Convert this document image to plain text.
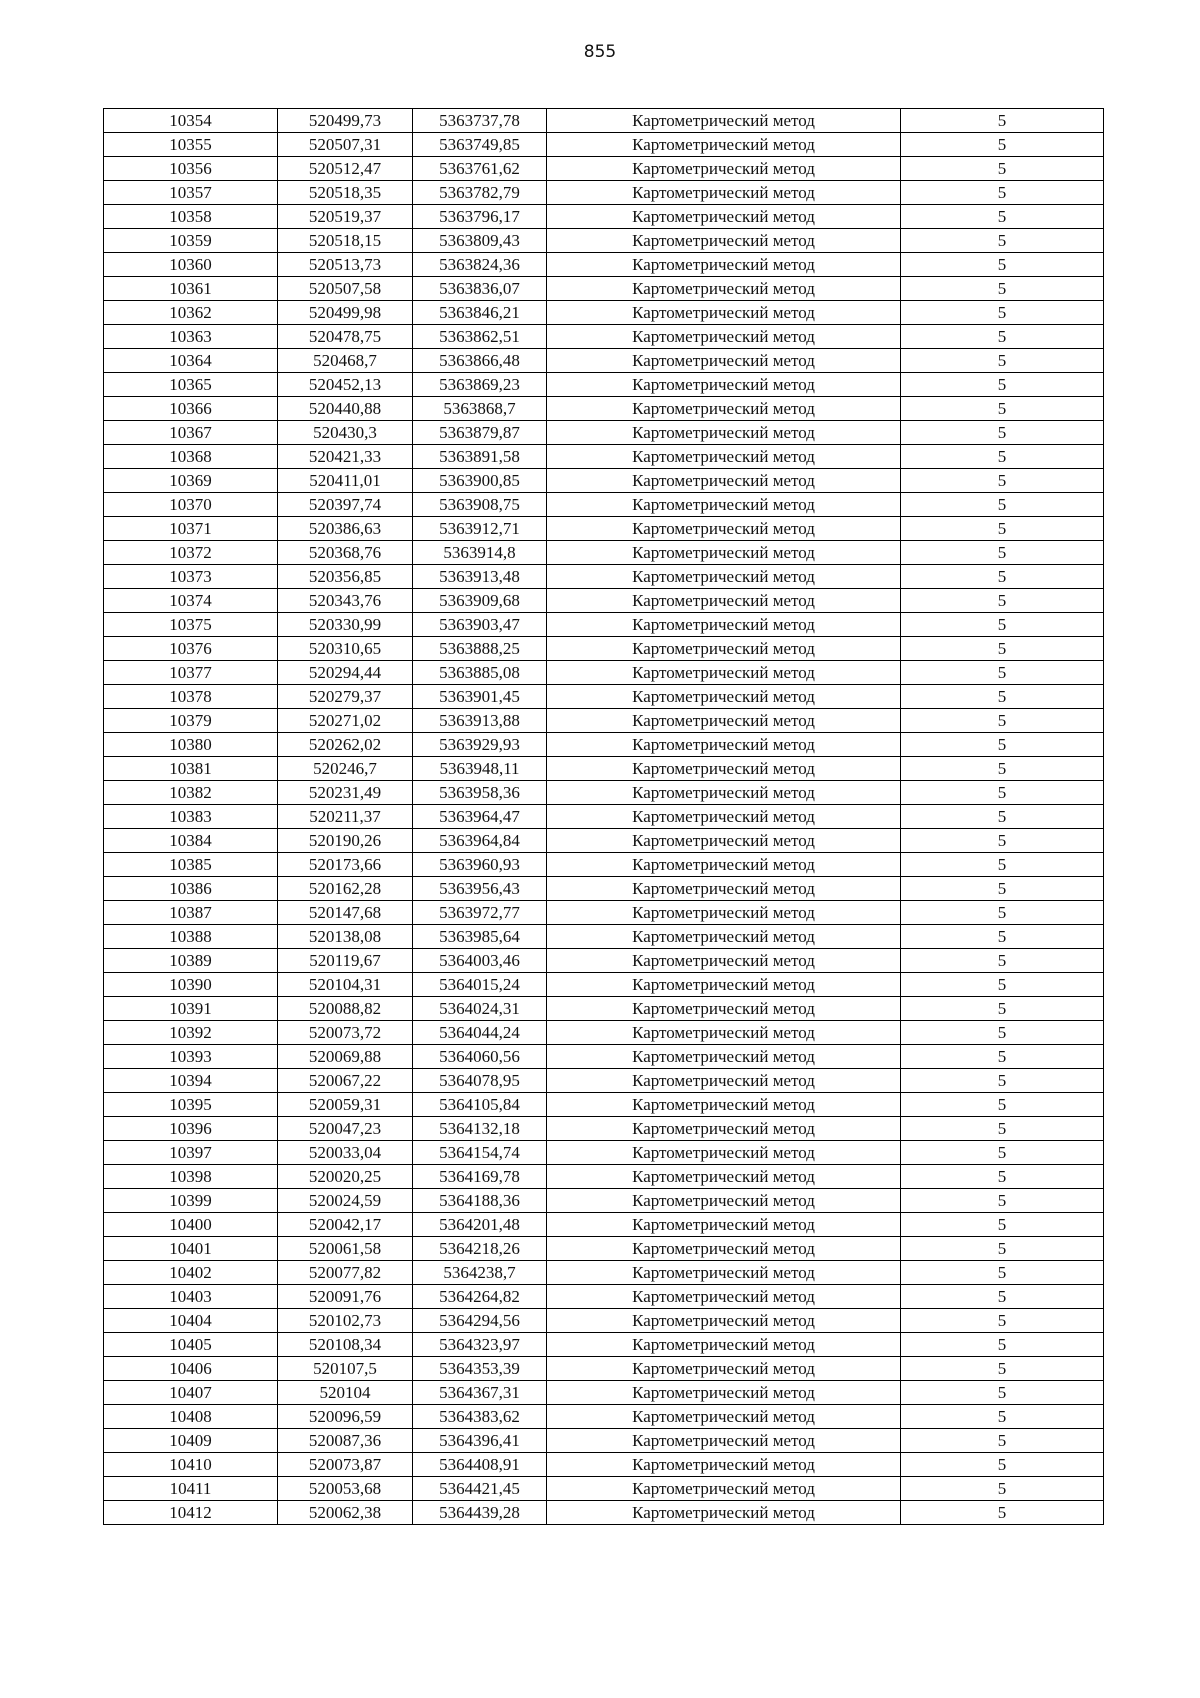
855
10354	520499,73	5363737,78	Картометрический метод	5
10355	520507,31	5363749,85	Картометрический метод	5
10356	520512,47	5363761,62	Картометрический метод	5
10357	520518,35	5363782,79	Картометрический метод	5
10358	520519,37	5363796,17	Картометрический метод	5
10359	520518,15	5363809,43	Картометрический метод	5
10360	520513,73	5363824,36	Картометрический метод	5
10361	520507,58	5363836,07	Картометрический метод	5
10362	520499,98	5363846,21	Картометрический метод	5
10363	520478,75	5363862,51	Картометрический метод	5
10364	520468,7	5363866,48	Картометрический метод	5
10365	520452,13	5363869,23	Картометрический метод	5
10366	520440,88	5363868,7	Картометрический метод	5
10367	520430,3	5363879,87	Картометрический метод	5
10368	520421,33	5363891,58	Картометрический метод	5
10369	520411,01	5363900,85	Картометрический метод	5
10370	520397,74	5363908,75	Картометрический метод	5
10371	520386,63	5363912,71	Картометрический метод	5
10372	520368,76	5363914,8	Картометрический метод	5
10373	520356,85	5363913,48	Картометрический метод	5
10374	520343,76	5363909,68	Картометрический метод	5
10375	520330,99	5363903,47	Картометрический метод	5
10376	520310,65	5363888,25	Картометрический метод	5
10377	520294,44	5363885,08	Картометрический метод	5
10378	520279,37	5363901,45	Картометрический метод	5
10379	520271,02	5363913,88	Картометрический метод	5
10380	520262,02	5363929,93	Картометрический метод	5
10381	520246,7	5363948,11	Картометрический метод	5
10382	520231,49	5363958,36	Картометрический метод	5
10383	520211,37	5363964,47	Картометрический метод	5
10384	520190,26	5363964,84	Картометрический метод	5
10385	520173,66	5363960,93	Картометрический метод	5
10386	520162,28	5363956,43	Картометрический метод	5
10387	520147,68	5363972,77	Картометрический метод	5
10388	520138,08	5363985,64	Картометрический метод	5
10389	520119,67	5364003,46	Картометрический метод	5
10390	520104,31	5364015,24	Картометрический метод	5
10391	520088,82	5364024,31	Картометрический метод	5
10392	520073,72	5364044,24	Картометрический метод	5
10393	520069,88	5364060,56	Картометрический метод	5
10394	520067,22	5364078,95	Картометрический метод	5
10395	520059,31	5364105,84	Картометрический метод	5
10396	520047,23	5364132,18	Картометрический метод	5
10397	520033,04	5364154,74	Картометрический метод	5
10398	520020,25	5364169,78	Картометрический метод	5
10399	520024,59	5364188,36	Картометрический метод	5
10400	520042,17	5364201,48	Картометрический метод	5
10401	520061,58	5364218,26	Картометрический метод	5
10402	520077,82	5364238,7	Картометрический метод	5
10403	520091,76	5364264,82	Картометрический метод	5
10404	520102,73	5364294,56	Картометрический метод	5
10405	520108,34	5364323,97	Картометрический метод	5
10406	520107,5	5364353,39	Картометрический метод	5
10407	520104	5364367,31	Картометрический метод	5
10408	520096,59	5364383,62	Картометрический метод	5
10409	520087,36	5364396,41	Картометрический метод	5
10410	520073,87	5364408,91	Картометрический метод	5
10411	520053,68	5364421,45	Картометрический метод	5
10412	520062,38	5364439,28	Картометрический метод	5
